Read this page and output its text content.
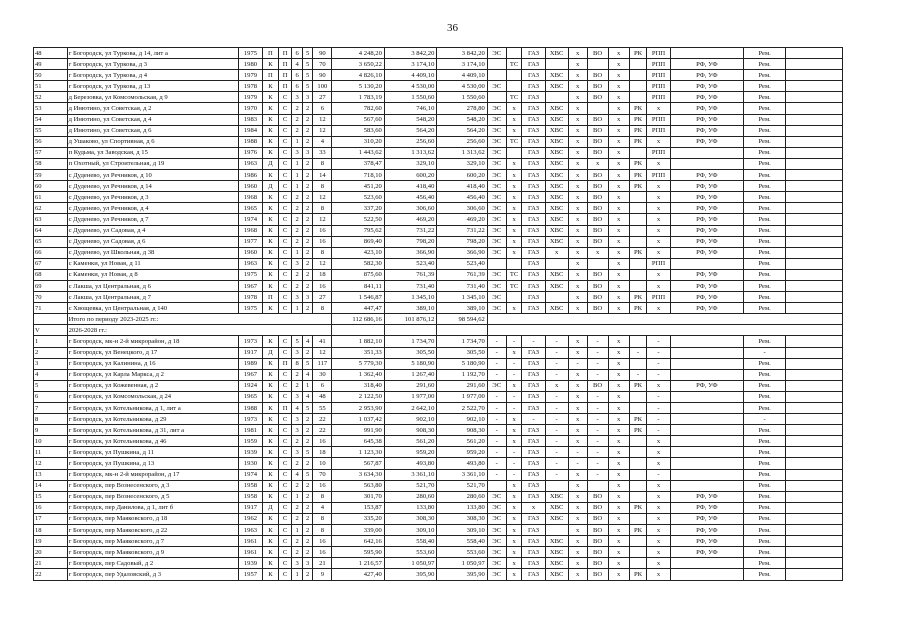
36
48	г Богородск, ул Туркова, д 14, лит а	1975	П	П	6	5	90	4 248,20	3 842,20	3 842,20	ЭС		ГАЗ	ХВС	х	ВО	х	РК	РПП		Рем.	
49	г Богородск, ул Туркова, д 3	1980	К	П	4	5	70	3 650,22	3 174,10	3 174,10		ТС	ГАЗ		х		х		РПП	РФ, УФ	Рем.	
50	г Богородск, ул Туркова, д 4	1979	П	П	6	5	90	4 826,10	4 409,10	4 409,10			ГАЗ	ХВС	х	ВО	х		РПП	РФ, УФ	Рем.	
51	г Богородск, ул Туркова, д 13	1978	К	П	6	5	100	5 130,20	4 530,00	4 530,00	ЭС		ГАЗ	ХВС	х	ВО	х		РПП	РФ, УФ	Рем.	
52	д Березовка, ул Комсомольская, д 9	1979	К	С	3	3	27	1 783,19	1 550,60	1 550,60		ТС	ГАЗ		х	ВО	х		РПП	РФ, УФ	Рем.	
53	д Инютино, ул Советская, д 2	1970	К	С	2	2	6	782,60	746,10	278,80	ЭС	х	ГАЗ	ХВС	х		х	РК	х	РФ, УФ	Рем.	
54	д Инютино, ул Советская, д 4	1983	К	С	2	2	12	567,60	548,20	548,20	ЭС	х	ГАЗ	ХВС	х	ВО	х	РК	РПП	РФ, УФ	Рем.	
55	д Инютино, ул Советская, д 6	1984	К	С	2	2	12	583,60	564,20	564,20	ЭС	х	ГАЗ	ХВС	х	ВО	х	РК	РПП	РФ, УФ	Рем.	
56	д Ушаково, ул Спортивная, д 6	1988	К	С	1	2	4	310,20	256,60	256,60	ЭС	ТС	ГАЗ	ХВС	х	ВО	х	РК	х	РФ, УФ	Рем.	
57	п Кудьма, ул Заводская, д 15	1976	К	С	3	3	33	1 443,62	1 313,62	1 313,62	ЭС		ГАЗ	ХВС	х	ВО	х		РПП		Рем.	
58	п Охотный, ул Строительная, д 19	1963	Д	С	1	2	8	378,47	329,10	329,10	ЭС	х	ГАЗ	ХВС	х	х	х	РК	х		Рем.	
59	с Дуденево, ул Речников, д 10	1986	К	С	1	2	14	718,10	600,20	600,20	ЭС	х	ГАЗ	ХВС	х	ВО	х	РК	РПП	РФ, УФ	Рем.	
60	с Дуденево, ул Речников, д 14	1960	Д	С	1	2	8	451,20	418,40	418,40	ЭС	х	ГАЗ	ХВС	х	ВО	х	РК	х	РФ, УФ	Рем.	
61	с Дуденево, ул Речников, д 3	1968	К	С	2	2	12	523,60	456,40	456,40	ЭС	х	ГАЗ	ХВС	х	ВО	х		х	РФ, УФ	Рем.	
62	с Дуденево, ул Речников, д 4	1965	К	С	2	2	8	337,20	306,60	306,60	ЭС	х	ГАЗ	ХВС	х	ВО	х		х	РФ, УФ	Рем.	
63	с Дуденево, ул Речников, д 7	1974	К	С	2	2	12	522,50	469,20	469,20	ЭС	х	ГАЗ	ХВС	х	ВО	х		х	РФ, УФ	Рем.	
64	с Дуденево, ул Садовая, д 4	1968	К	С	2	2	16	795,62	731,22	731,22	ЭС	х	ГАЗ	ХВС	х	ВО	х		х	РФ, УФ	Рем.	
65	с Дуденево, ул Садовая, д 6	1977	К	С	2	2	16	869,40	798,20	798,20	ЭС	х	ГАЗ	ХВС	х	ВО	х		х	РФ, УФ	Рем.	
66	с Дуденево, ул Школьная, д 38	1960	К	С	1	2	8	423,10	366,90	366,90	ЭС	х	ГАЗ	х	х	х	х	РК	х	РФ, УФ	Рем.	
67	с Каменки, ул Новая, д 11	1963	К	С	3	2	12	582,30	523,40	523,40			ГАЗ		х		х		РПП		Рем.	
68	с Каменки, ул Новая, д 8	1975	К	С	2	2	18	875,60	761,39	761,39	ЭС	ТС	ГАЗ	ХВС	х	ВО	х		х	РФ, УФ	Рем.	
69	с Лакша, ул Центральная, д 6	1967	К	С	2	2	16	841,11	731,40	731,40	ЭС	ТС	ГАЗ	ХВС	х	ВО	х		х	РФ, УФ	Рем.	
70	с Лакша, ул Центральная, д 7	1978	П	С	3	3	27	1 546,87	1 345,10	1 345,10	ЭС		ГАЗ		х	ВО	х	РК	РПП	РФ, УФ	Рем.	
71	с Хвощевка, ул Центральная, д 140	1975	К	С	1	2	8	447,47	389,10	389,10	ЭС	х	ГАЗ	ХВС	х	ВО	х	РК	х	РФ, УФ	Рем.	
	Итого по периоду 2023-2025 гг.:							112 686,16	101 876,12	98 594,62												
V	2026-2028 гг.:																					
1	г Богородск, мк-н 2-й микрорайон, д 18	1973	К	С	5	4	41	1 882,10	1 734,70	1 734,70	-	-	-	-	х	-	х		-		Рем.	
2	г Богородск, ул Венецкого, д 17	1917	Д	С	3	2	12	351,33	305,50	305,50	-	х	ГАЗ	-	х	-	х	-	-		-	
3	г Богородск, ул Калинина, д 16	1989	К	П	8	5	117	5 779,30	5 180,90	5 180,90	-	-	ГАЗ	-	-	-	х		-		Рем.	
4	г Богородск, ул Карла Маркса, д 2	1967	К	С	2	4	30	1 362,40	1 267,40	1 192,70	-	-	ГАЗ	-	х	-	х	-	-		Рем.	
5	г Богородск, ул Кожевенная, д 2	1924	К	С	2	1	6	318,40	291,60	291,60	ЭС	х	ГАЗ	х	х	ВО	х	РК	х	РФ, УФ	Рем.	
6	г Богородск, ул Комсомольская, д 24	1965	К	С	3	4	48	2 122,50	1 977,00	1 977,00	-	-	ГАЗ	-	х	-	х		-		Рем.	
7	г Богородск, ул Котельникова, д 1, лит а	1988	К	П	4	5	55	2 953,90	2 642,10	2 522,70	-	-	ГАЗ	-	х	-	х		-		Рем.	
8	г Богородск, ул Котельникова, д 29	1973	К	С	3	2	22	1 037,42	902,10	902,10	-	х	-	-	х	-	х	РК	-		-	
9	г Богородск, ул Котельникова, д 31, лит а	1981	К	С	3	2	22	991,90	908,30	908,30	-	х	ГАЗ	-	х	-	х	РК	-		Рем.	
10	г Богородск, ул Котельникова, д 46	1959	К	С	2	2	16	645,38	561,20	561,20	-	х	ГАЗ	-	х	-	х		х		Рем.	
11	г Богородск, ул Пушкина, д 11	1939	К	С	3	5	18	1 123,30	959,20	959,20	-	-	ГАЗ	-	-	-	х		х		Рем.	
12	г Богородск, ул Пушкина, д 13	1930	К	С	2	2	10	567,87	493,80	493,80	-	-	ГАЗ	-	-	-	х		х		Рем.	
13	г Богородск, мк-н 2-й микрорайон, д 17	1974	К	С	4	5	70	3 634,30	3 361,10	3 361,10	-	-	ГАЗ	-	х	-	х		-		Рем.	
14	г Богородск, пер Вознесенского, д 3	1958	К	С	2	2	16	563,80	521,70	521,70		х	ГАЗ		х		х		х		Рем.	
15	г Богородск, пер Вознесенского, д 5	1958	К	С	1	2	8	301,70	280,60	280,60	ЭС	х	ГАЗ	ХВС	х	ВО	х		х	РФ, УФ	Рем.	
16	г Богородск, пер Данилова, д 1, лит б	1917	Д	С	2	2	4	153,87	133,80	133,80	ЭС	х	х	ХВС	х	ВО	х	РК	х	РФ, УФ	Рем.	
17	г Богородск, пер Маяковского, д 18	1962	К	С	2	2	8	335,20	308,30	308,30	ЭС	х	ГАЗ	ХВС	х	ВО	х		х	РФ, УФ	Рем.	
18	г Богородск, пер Маяковского, д 22	1963	К	С	1	2	8	339,00	309,10	309,10	ЭС	х	ГАЗ		х	ВО	х	РК	х	РФ, УФ	Рем.	
19	г Богородск, пер Маяковского, д 7	1961	К	С	2	2	16	642,16	558,40	558,40	ЭС	х	ГАЗ	ХВС	х	ВО	х		х	РФ, УФ	Рем.	
20	г Богородск, пер Маяковского, д 9	1961	К	С	2	2	16	595,90	553,60	553,60	ЭС	х	ГАЗ	ХВС	х	ВО	х		х	РФ, УФ	Рем.	
21	г Богородск, пер Садовый, д 2	1939	К	С	3	3	21	1 216,57	1 050,97	1 050,97	ЭС	х	ГАЗ	ХВС	х	ВО	х		х		Рем.	
22	г Богородск, пер Удаловский, д 3	1957	К	С	1	2	9	427,40	395,90	395,90	ЭС	х	ГАЗ	ХВС	х	ВО	х	РК	х		Рем.	
